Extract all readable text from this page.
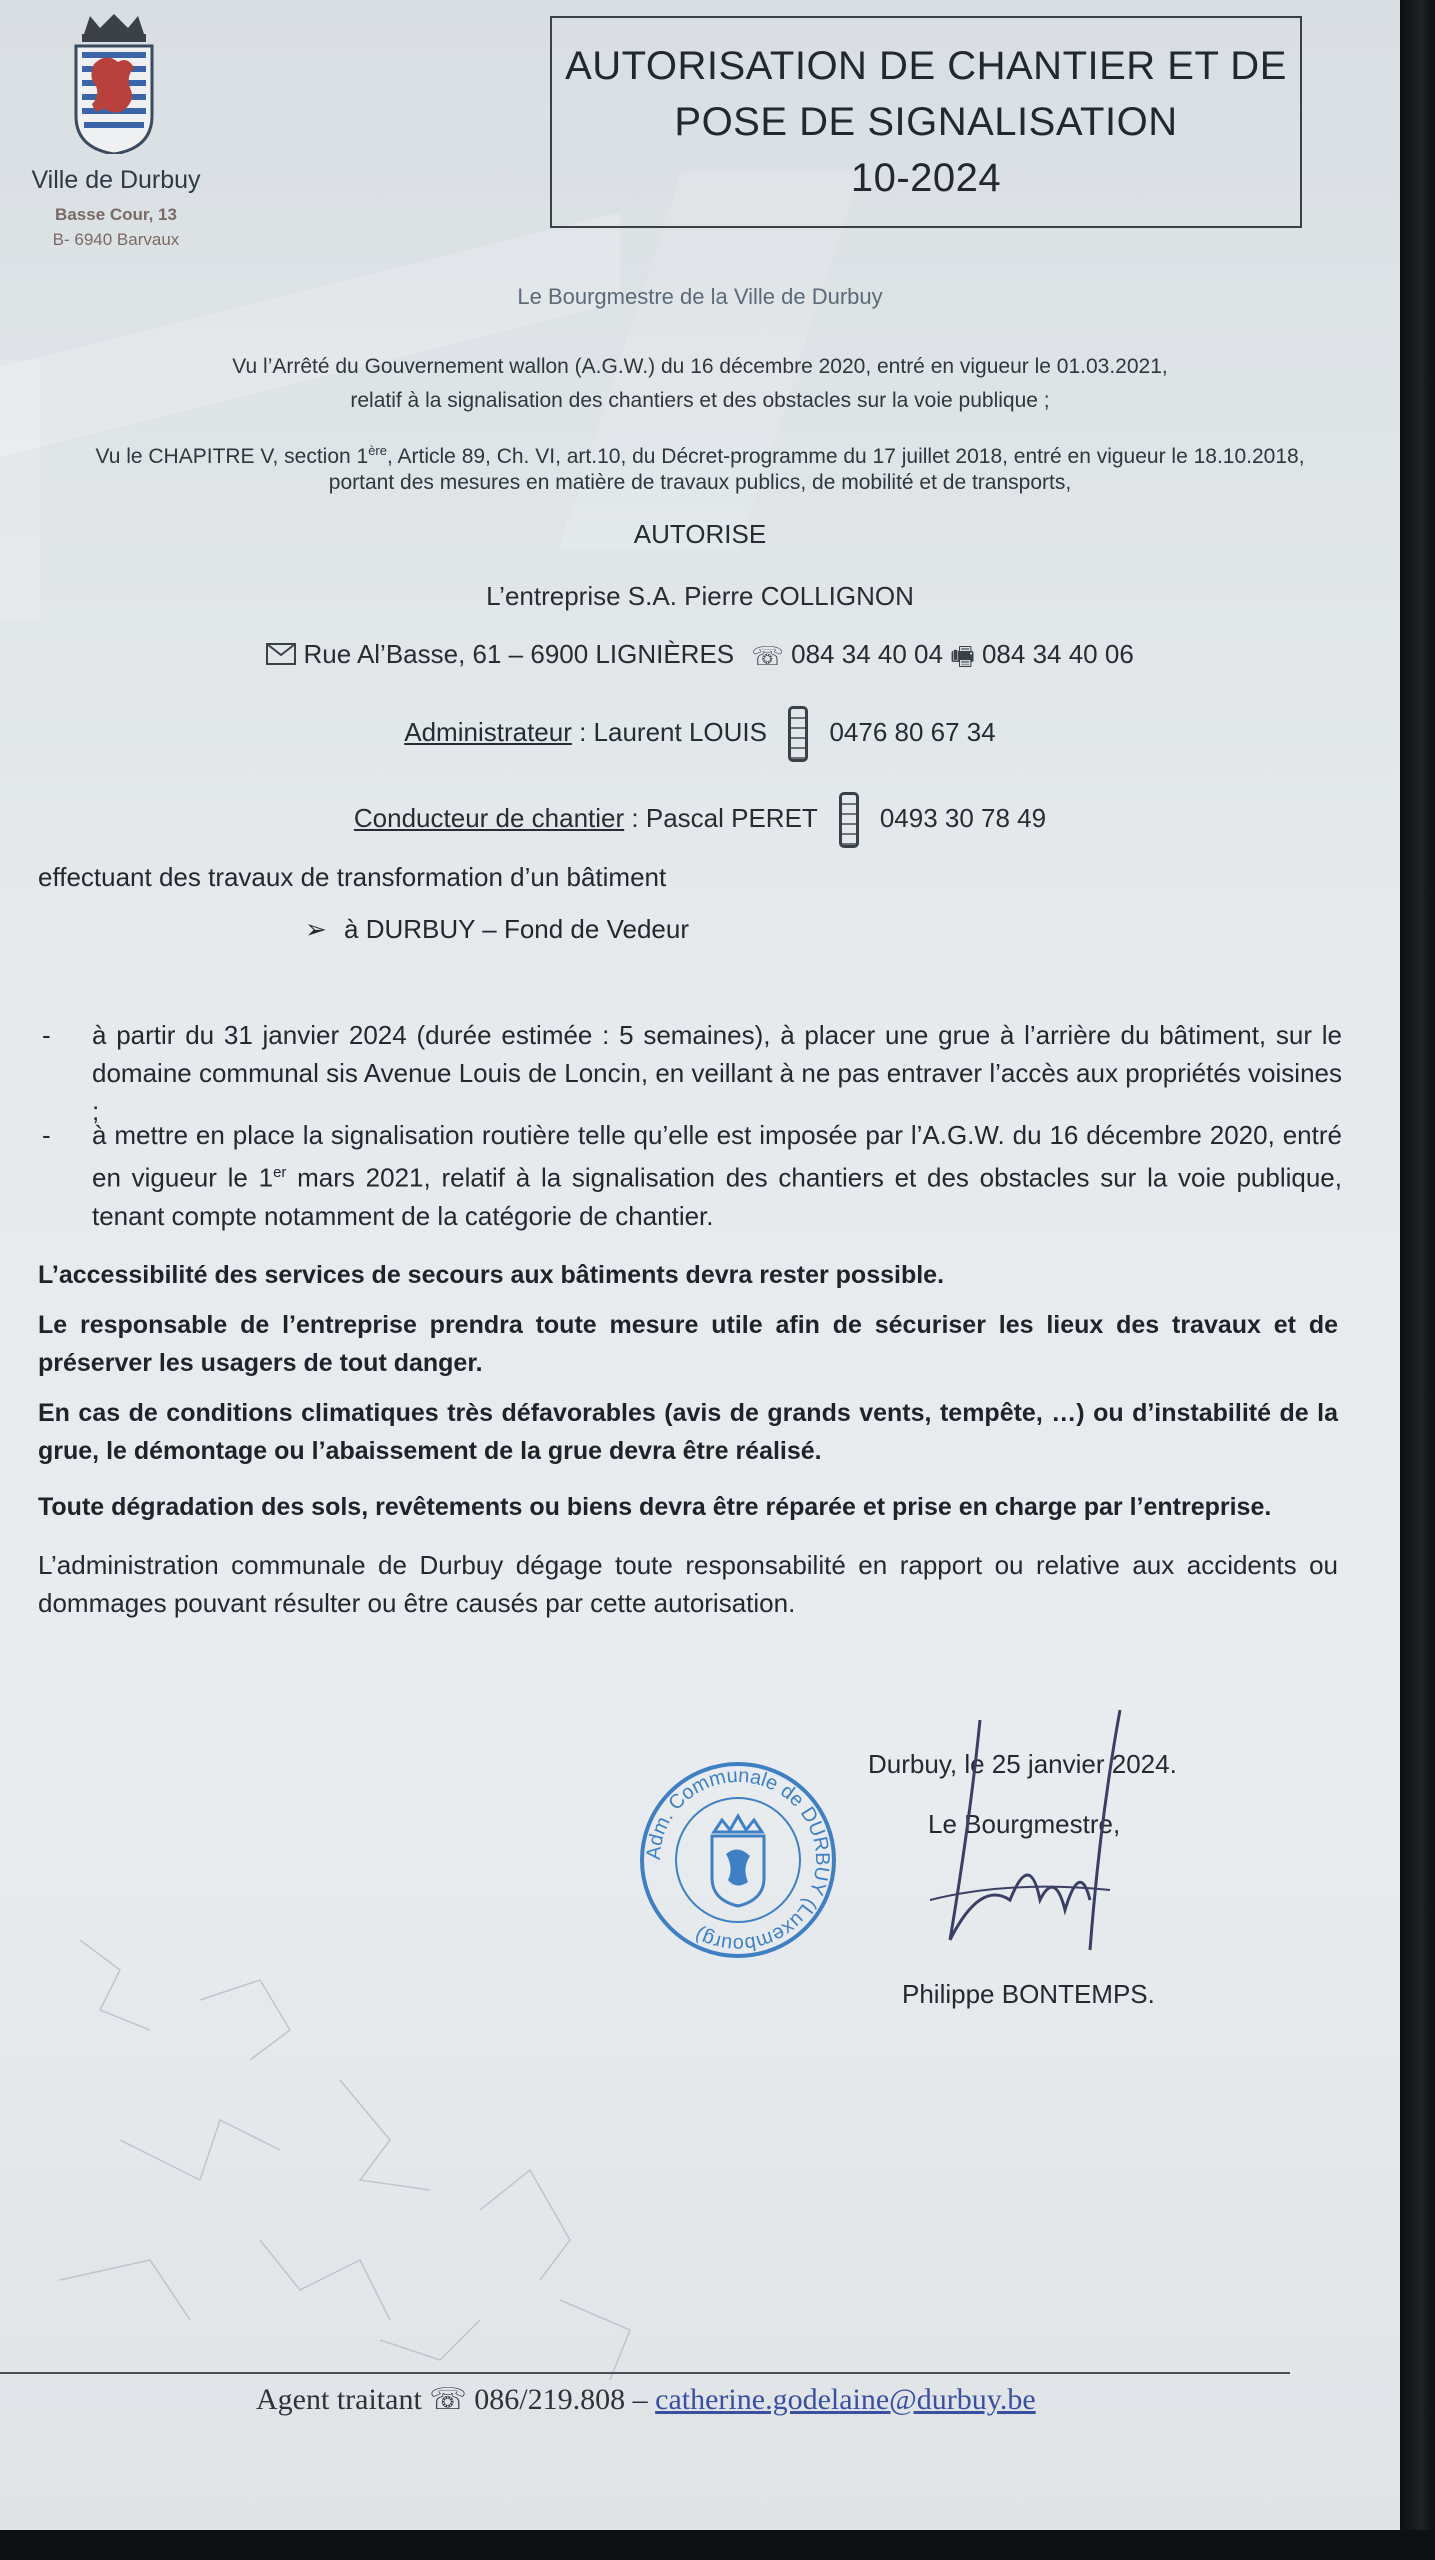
Ville de Durbuy
Basse Cour, 13
B- 6940 Barvaux
AUTORISATION DE CHANTIER ET DE
POSE DE SIGNALISATION
10-2024
Le Bourgmestre de la Ville de Durbuy
Vu l’Arrêté du Gouvernement wallon (A.G.W.) du 16 décembre 2020, entré en vigueur le 01.03.2021,
relatif à la signalisation des chantiers et des obstacles sur la voie publique ;
Vu le CHAPITRE V, section 1ère, Article 89, Ch. VI, art.10, du Décret-programme du 17 juillet 2018, entré en vigueur le 18.10.2018,
portant des mesures en matière de travaux publics, de mobilité et de transports,
AUTORISE
L’entreprise S.A. Pierre COLLIGNON
Rue Al’Basse, 61 – 6900 LIGNIÈRES ☏ 084 34 40 04 🖷 084 34 40 06
Administrateur : Laurent LOUIS 0476 80 67 34
Conducteur de chantier : Pascal PERET 0493 30 78 49
effectuant des travaux de transformation d’un bâtiment
➢ à DURBUY – Fond de Vedeur
- à partir du 31 janvier 2024 (durée estimée : 5 semaines), à placer une grue à l’arrière du bâtiment, sur le domaine communal sis Avenue Louis de Loncin, en veillant à ne pas entraver l’accès aux propriétés voisines ;
- à mettre en place la signalisation routière telle qu’elle est imposée par l’A.G.W. du 16 décembre 2020, entré en vigueur le 1er mars 2021, relatif à la signalisation des chantiers et des obstacles sur la voie publique, tenant compte notamment de la catégorie de chantier.
L’accessibilité des services de secours aux bâtiments devra rester possible.
Le responsable de l’entreprise prendra toute mesure utile afin de sécuriser les lieux des travaux et de préserver les usagers de tout danger.
En cas de conditions climatiques très défavorables (avis de grands vents, tempête, …) ou d’instabilité de la grue, le démontage ou l’abaissement de la grue devra être réalisé.
Toute dégradation des sols, revêtements ou biens devra être réparée et prise en charge par l’entreprise.
L’administration communale de Durbuy dégage toute responsabilité en rapport ou relative aux accidents ou dommages pouvant résulter ou être causés par cette autorisation.
Durbuy, le 25 janvier 2024.
Le Bourgmestre,
Philippe BONTEMPS.
Adm. Communale de DURBUY (Luxembourg)
Agent traitant ☏ 086/219.808 – catherine.godelaine@durbuy.be
